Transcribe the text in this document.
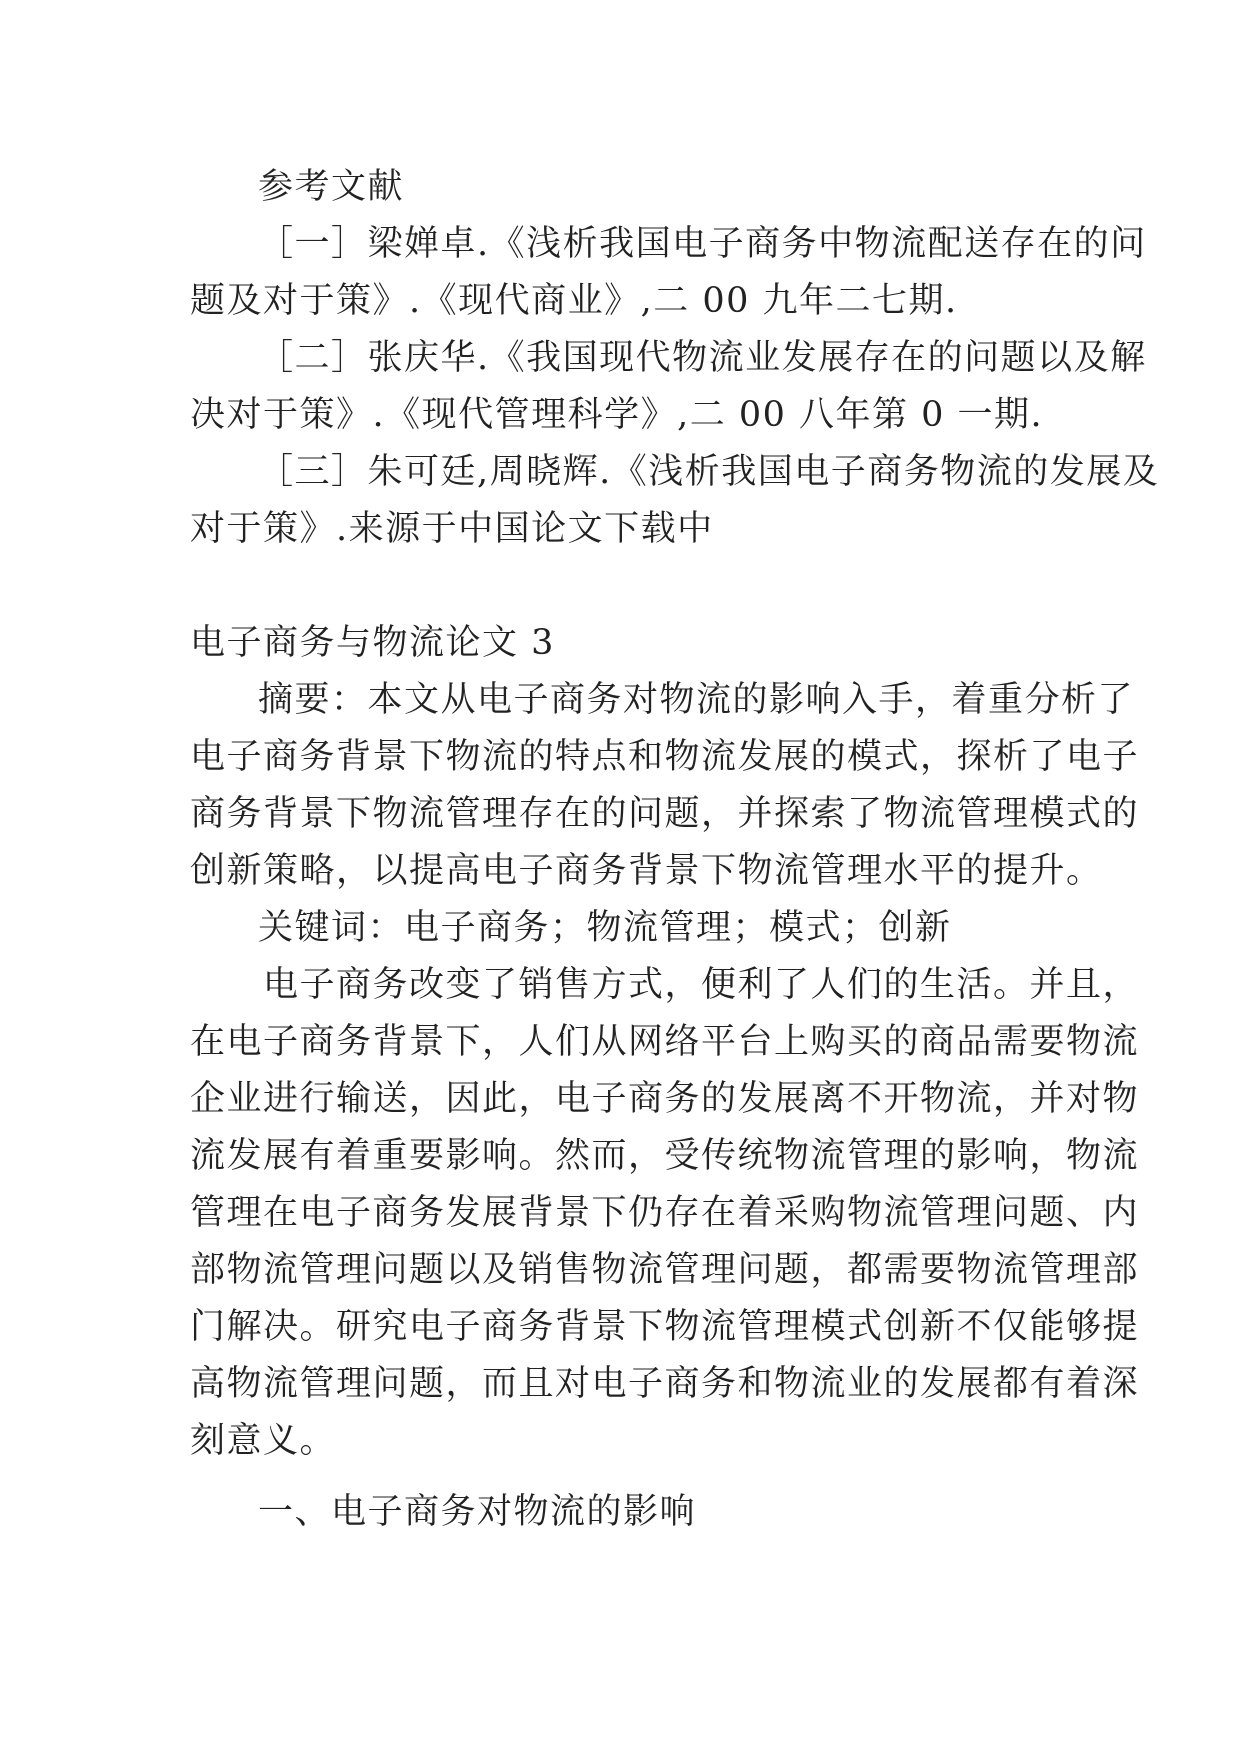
参考文献
［一］梁婵卓.《浅析我国电子商务中物流配送存在的问
题及对于策》.《现代商业》,二 00 九年二七期.
［二］张庆华.《我国现代物流业发展存在的问题以及解
决对于策》.《现代管理科学》,二 00 八年第 0 一期.
［三］朱可廷,周晓辉.《浅析我国电子商务物流的发展及
对于策》.来源于中国论文下载中
电子商务与物流论文 3
摘要：本文从电子商务对物流的影响入手，着重分析了
电子商务背景下物流的特点和物流发展的模式，探析了电子
商务背景下物流管理存在的问题，并探索了物流管理模式的
创新策略，以提高电子商务背景下物流管理水平的提升。
关键词：电子商务；物流管理；模式；创新
电子商务改变了销售方式，便利了人们的生活。并且，
在电子商务背景下，人们从网络平台上购买的商品需要物流
企业进行输送，因此，电子商务的发展离不开物流，并对物
流发展有着重要影响。然而，受传统物流管理的影响，物流
管理在电子商务发展背景下仍存在着采购物流管理问题、内
部物流管理问题以及销售物流管理问题，都需要物流管理部
门解决。研究电子商务背景下物流管理模式创新不仅能够提
高物流管理问题，而且对电子商务和物流业的发展都有着深
刻意义。
一、电子商务对物流的影响
